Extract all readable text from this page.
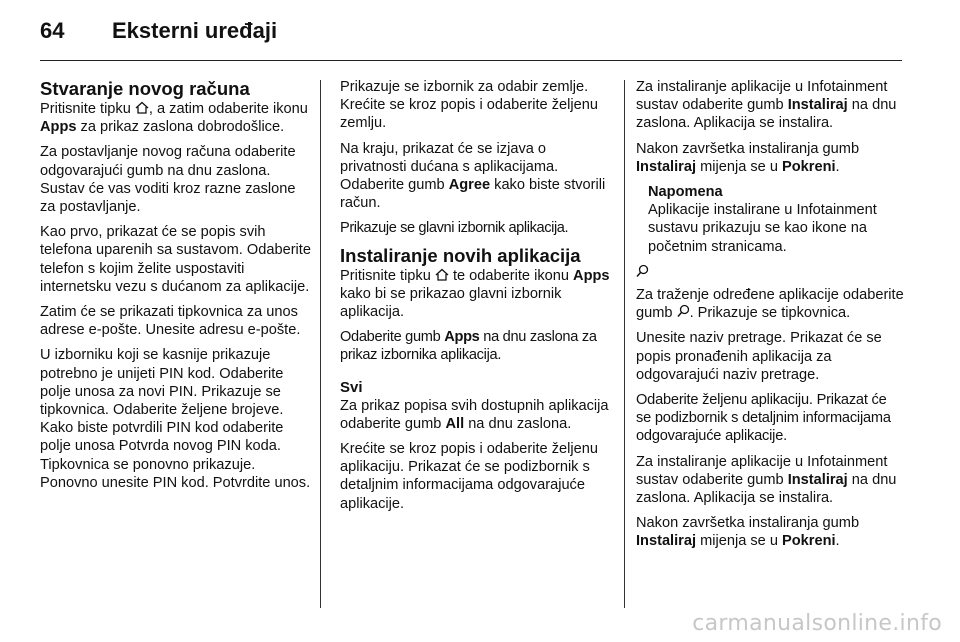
64	Eksterni uređaji
Stvaranje novog računa

Pritisnite tipku
, a zatim odaberite ikonu Apps za prikaz zaslona dobrodošlice.

Za postavljanje novog računa odaberite odgovarajući gumb na dnu zaslona. Sustav će vas voditi kroz razne zaslone za postavljanje.

Kao prvo, prikazat će se popis svih telefona uparenih sa sustavom. Odaberite telefon s kojim želite uspostaviti internetsku vezu s dućanom za aplikacije.

Zatim će se prikazati tipkovnica za unos adrese e-pošte. Unesite adresu e-pošte.

U izborniku koji se kasnije prikazuje potrebno je unijeti PIN kod. Odaberite polje unosa za novi PIN. Prikazuje se tipkovnica. Odaberite željene brojeve. Kako biste potvrdili PIN kod odaberite polje unosa Potvrda novog PIN koda. Tipkovnica se ponovno prikazuje. Ponovno unesite PIN kod. Potvrdite unos.

Prikazuje se izbornik za odabir zemlje. Krećite se kroz popis i odaberite željenu zemlju.

Na kraju, prikazat će se izjava o privatnosti dućana s aplikacijama. Odaberite gumb Agree kako biste stvorili račun.

Prikazuje se glavni izbornik aplikacija.

Instaliranje novih aplikacija

Pritisnite tipku
te odaberite ikonu Apps kako bi se prikazao glavni izbornik aplikacija.

Odaberite gumb Apps na dnu zaslona za prikaz izbornika aplikacija.

Svi

Za prikaz popisa svih dostupnih aplikacija odaberite gumb All na dnu zaslona.

Krećite se kroz popis i odaberite željenu aplikaciju. Prikazat će se podizbornik s detaljnim informacijama odgovarajuće aplikacije.

Za instaliranje aplikacije u Infotainment sustav odaberite gumb Instaliraj na dnu zaslona. Aplikacija se instalira.

Nakon završetka instaliranja gumb Instaliraj mijenja se u Pokreni.

Napomena
Aplikacije instalirane u Infotainment sustavu prikazuju se kao ikone na početnim stranicama.

Za traženje određene aplikacije odaberite gumb
. Prikazuje se tipkovnica.

Unesite naziv pretrage. Prikazat će se popis pronađenih aplikacija za odgovarajući naziv pretrage.

Odaberite željenu aplikaciju. Prikazat će se podizbornik s detaljnim informacijama odgovarajuće aplikacije.

Za instaliranje aplikacije u Infotainment sustav odaberite gumb Instaliraj na dnu zaslona. Aplikacija se instalira.

Nakon završetka instaliranja gumb Instaliraj mijenja se u Pokreni.

carmanualsonline.info
